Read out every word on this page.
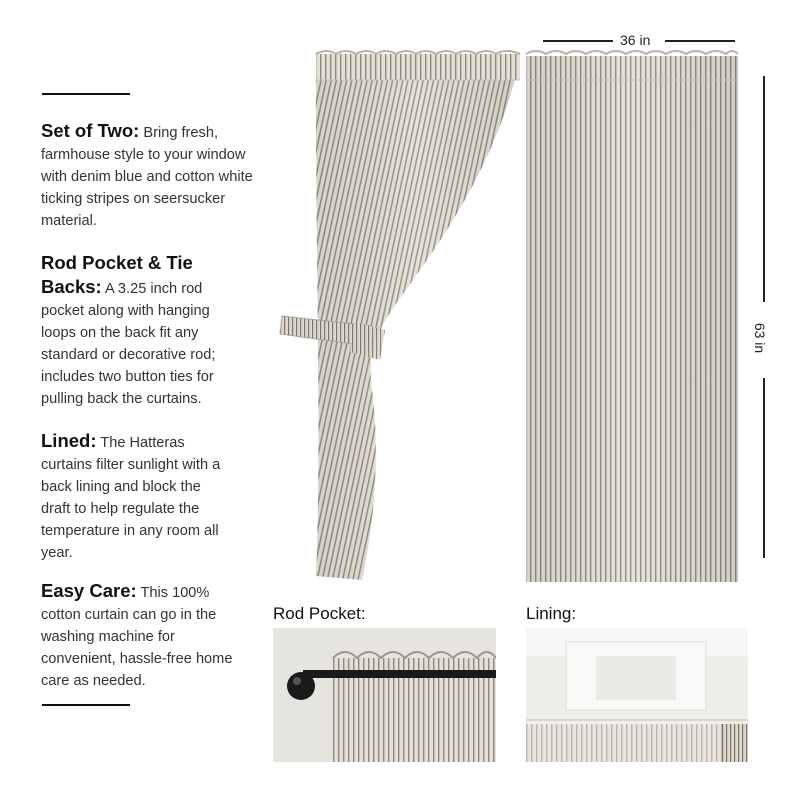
Set of Two: Bring fresh, farmhouse style to your window with denim blue and cotton white ticking stripes on seersucker material.
Rod Pocket & Tie Backs: A 3.25 inch rod pocket along with hanging loops on the back fit any standard or decorative rod; includes two button ties for pulling back the curtains.
Lined: The Hatteras curtains filter sunlight with a back lining and block the draft to help regulate the temperature in any room all year.
Easy Care: This 100% cotton curtain can go in the washing machine for convenient, hassle-free home care as needed.
36 in
63 in
Rod Pocket:	Lining:
